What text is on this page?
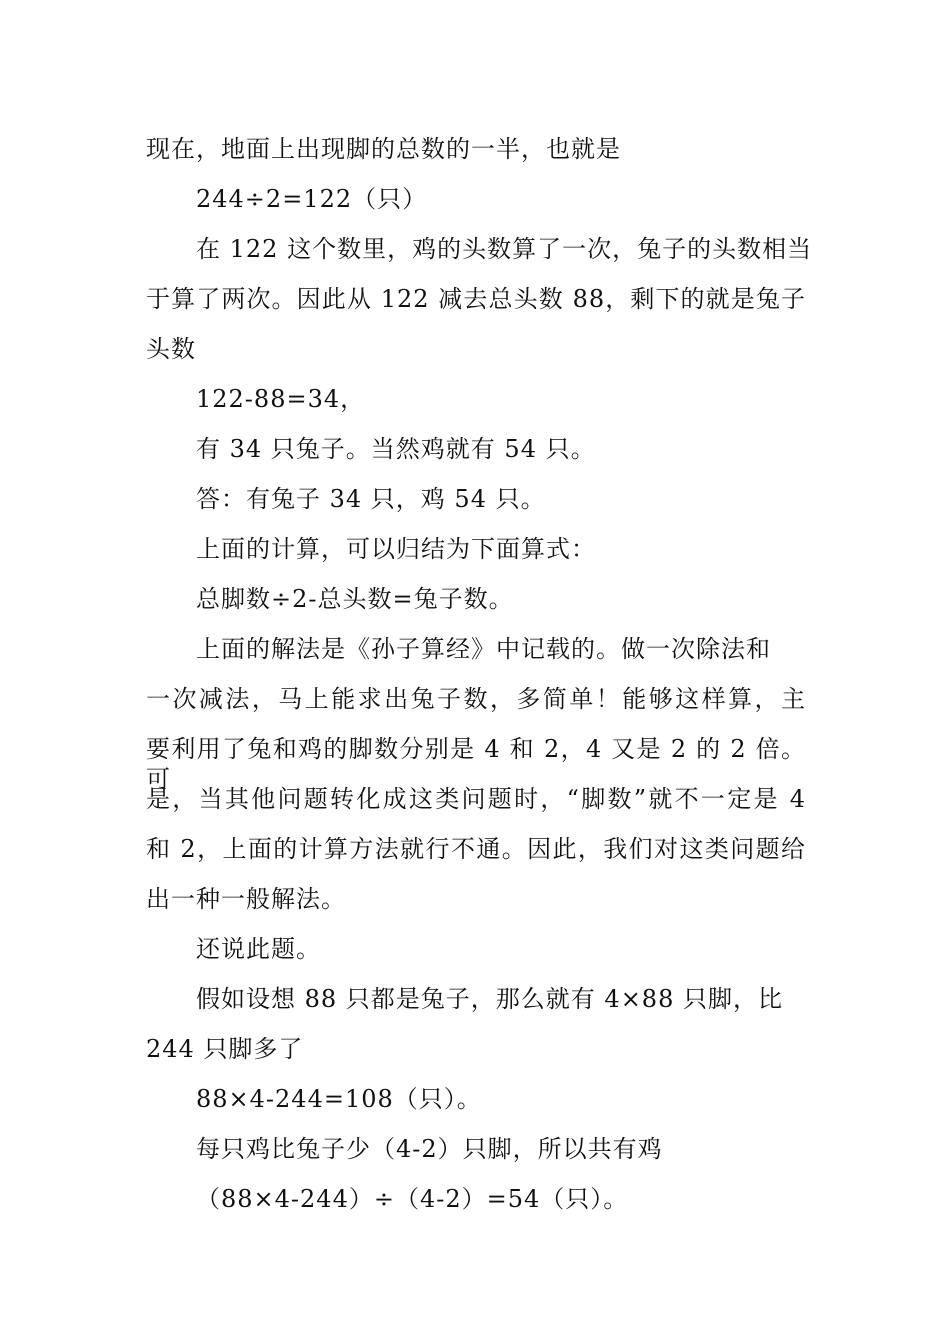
现在，地面上出现脚的总数的一半，也就是
244÷2=122（只）
在 122 这个数里，鸡的头数算了一次，兔子的头数相当
于算了两次。因此从 122 减去总头数 88，剩下的就是兔子
头数
122-88=34，
有 34 只兔子。当然鸡就有 54 只。
答：有兔子 34 只，鸡 54 只。
上面的计算，可以归结为下面算式：
总脚数÷2-总头数=兔子数。
上面的解法是《孙子算经》中记载的。做一次除法和
一次减法，马上能求出兔子数，多简单！能够这样算，主
要利用了兔和鸡的脚数分别是 4 和 2，4 又是 2 的 2 倍。可
是，当其他问题转化成这类问题时，“脚数”就不一定是 4
和 2，上面的计算方法就行不通。因此，我们对这类问题给
出一种一般解法。
还说此题。
假如设想 88 只都是兔子，那么就有 4×88 只脚，比
244 只脚多了
88×4-244=108（只）。
每只鸡比兔子少（4-2）只脚，所以共有鸡
（88×4-244）÷（4-2）=54（只）。
